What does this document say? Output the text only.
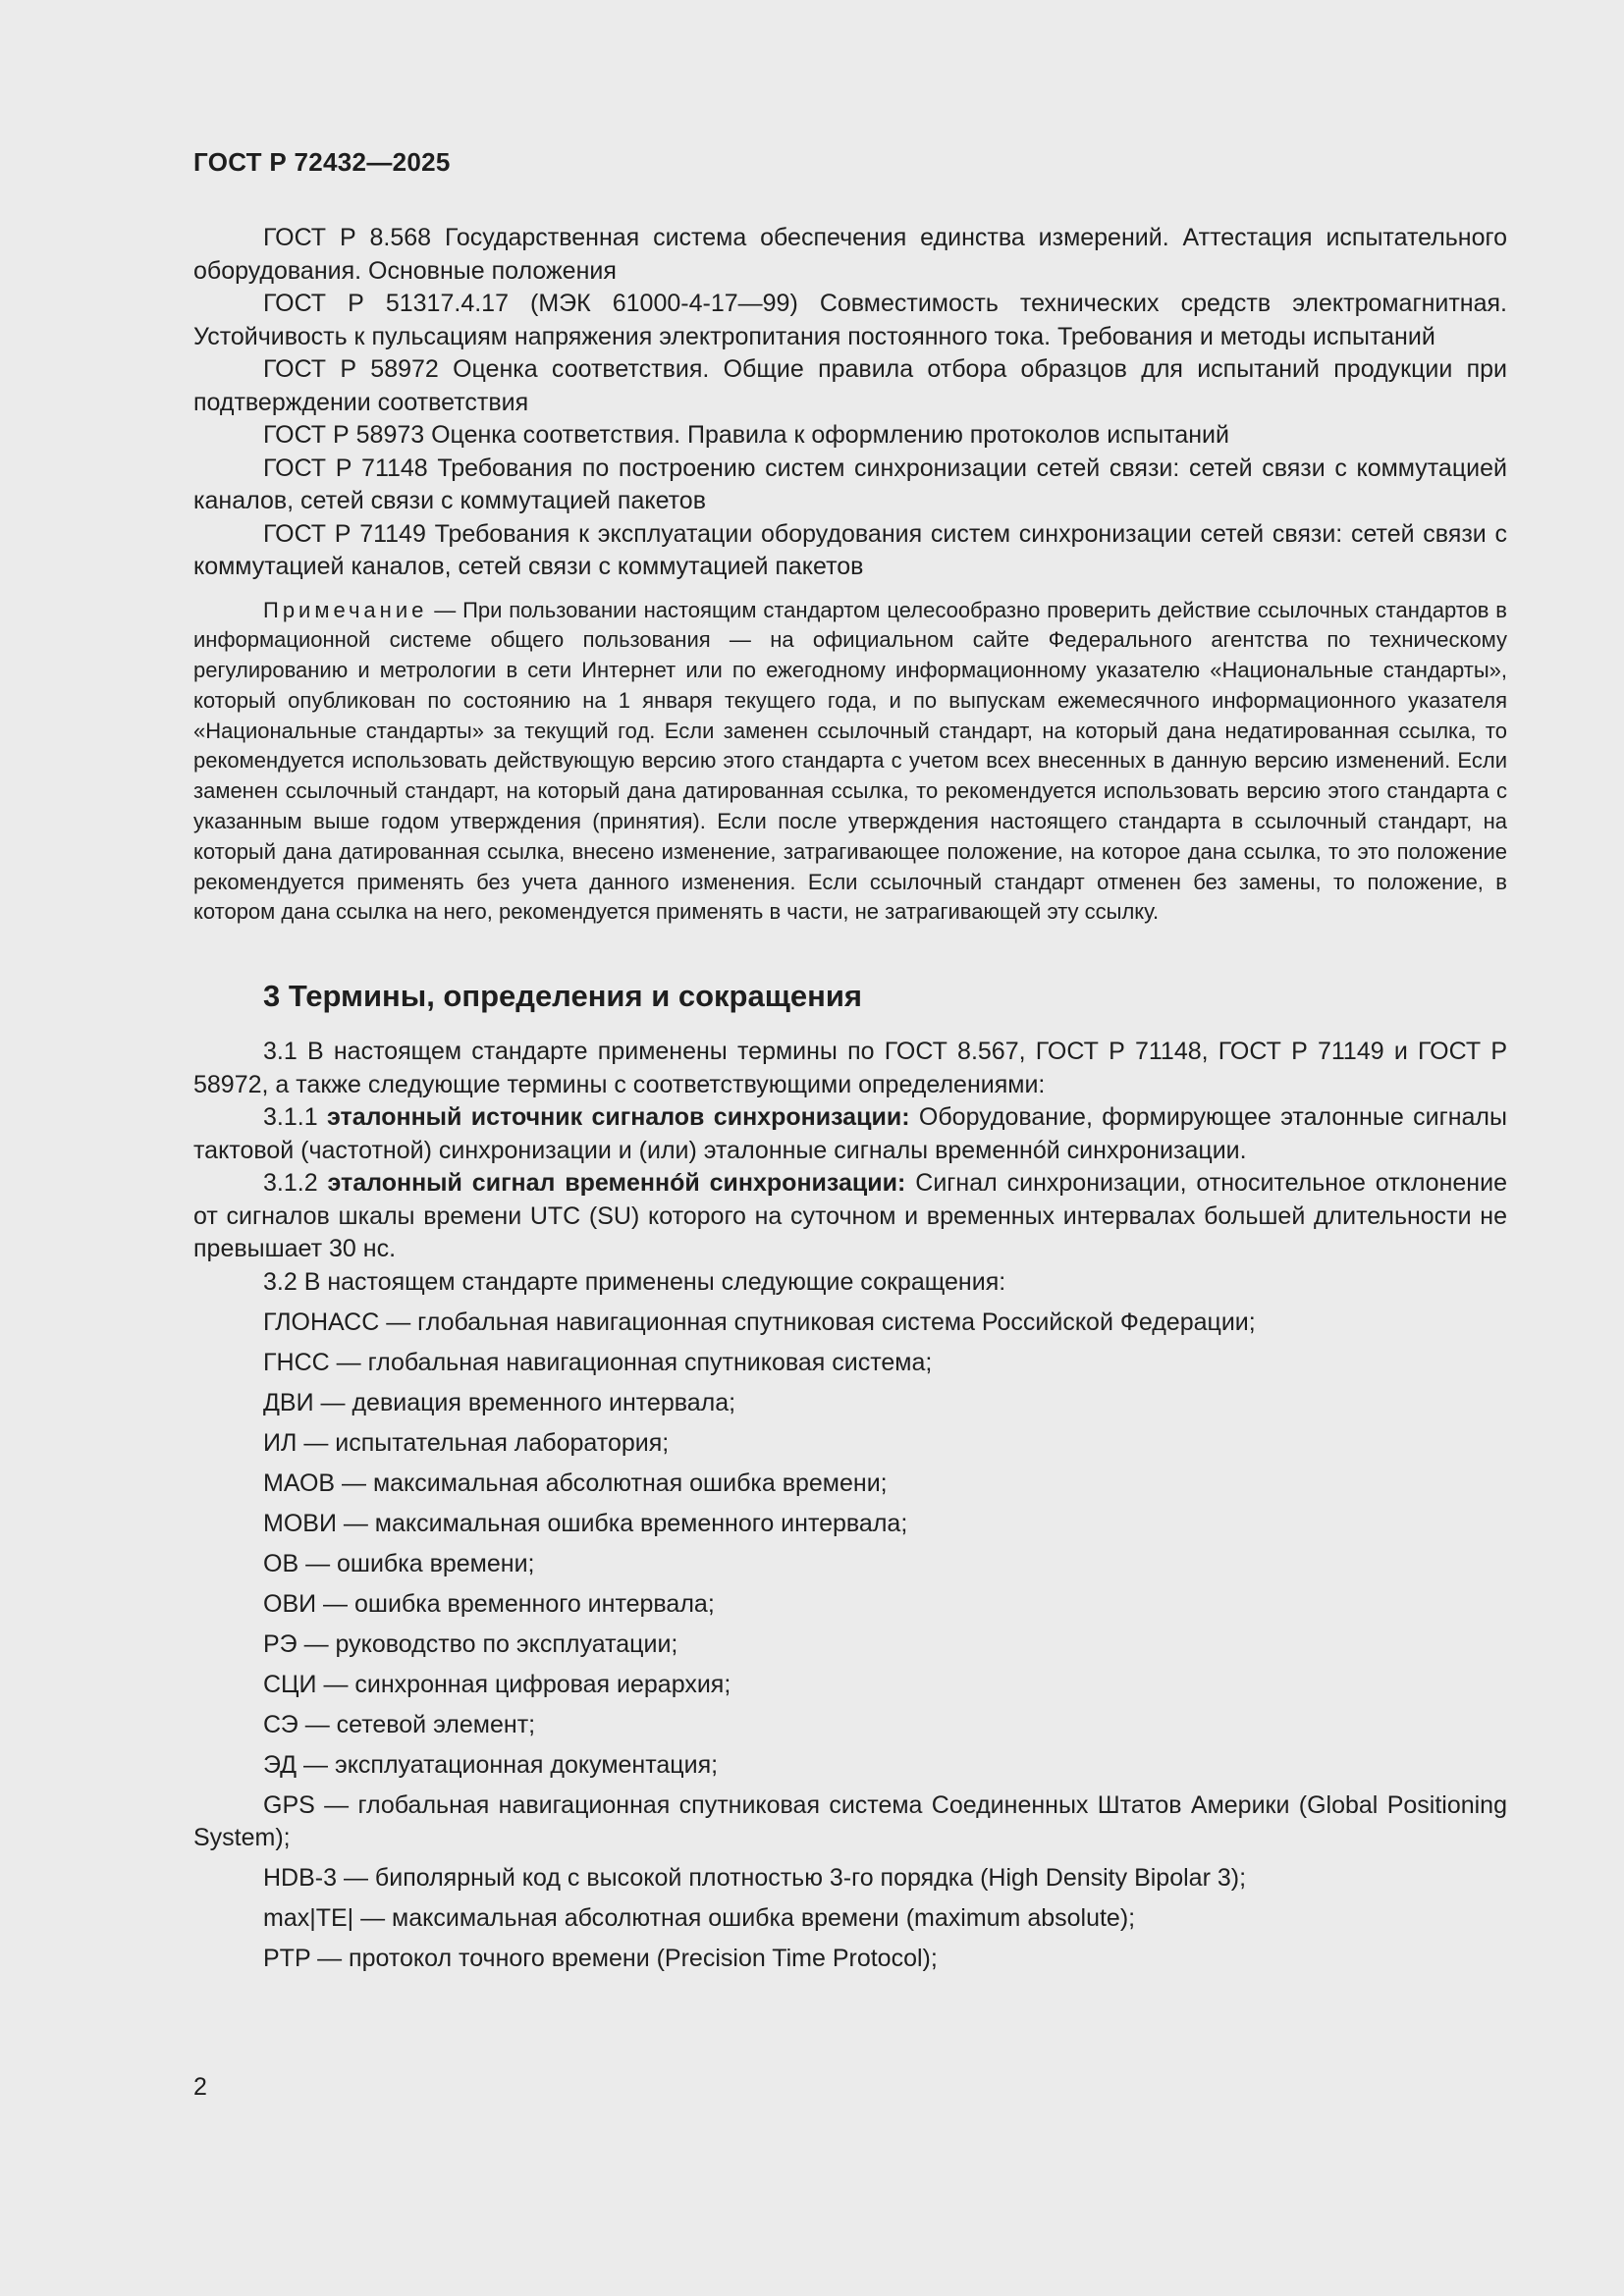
ГОСТ Р 72432—2025

ГОСТ Р 8.568 Государственная система обеспечения единства измерений. Аттестация испытательного оборудования. Основные положения

ГОСТ Р 51317.4.17 (МЭК 61000-4-17—99) Совместимость технических средств электромагнитная. Устойчивость к пульсациям напряжения электропитания постоянного тока. Требования и методы испытаний

ГОСТ Р 58972 Оценка соответствия. Общие правила отбора образцов для испытаний продукции при подтверждении соответствия

ГОСТ Р 58973 Оценка соответствия. Правила к оформлению протоколов испытаний

ГОСТ Р 71148 Требования по построению систем синхронизации сетей связи: сетей связи с коммутацией каналов, сетей связи с коммутацией пакетов

ГОСТ Р 71149 Требования к эксплуатации оборудования систем синхронизации сетей связи: сетей связи с коммутацией каналов, сетей связи с коммутацией пакетов

Примечание — При пользовании настоящим стандартом целесообразно проверить действие ссылочных стандартов в информационной системе общего пользования — на официальном сайте Федерального агентства по техническому регулированию и метрологии в сети Интернет или по ежегодному информационному указателю «Национальные стандарты», который опубликован по состоянию на 1 января текущего года, и по выпускам ежемесячного информационного указателя «Национальные стандарты» за текущий год. Если заменен ссылочный стандарт, на который дана недатированная ссылка, то рекомендуется использовать действующую версию этого стандарта с учетом всех внесенных в данную версию изменений. Если заменен ссылочный стандарт, на который дана датированная ссылка, то рекомендуется использовать версию этого стандарта с указанным выше годом утверждения (принятия). Если после утверждения настоящего стандарта в ссылочный стандарт, на который дана датированная ссылка, внесено изменение, затрагивающее положение, на которое дана ссылка, то это положение рекомендуется применять без учета данного изменения. Если ссылочный стандарт отменен без замены, то положение, в котором дана ссылка на него, рекомендуется применять в части, не затрагивающей эту ссылку.

3 Термины, определения и сокращения

3.1 В настоящем стандарте применены термины по ГОСТ 8.567, ГОСТ Р 71148, ГОСТ Р 71149 и ГОСТ Р 58972, а также следующие термины с соответствующими определениями:

3.1.1 эталонный источник сигналов синхронизации: Оборудование, формирующее эталонные сигналы тактовой (частотной) синхронизации и (или) эталонные сигналы временнóй синхронизации.

3.1.2 эталонный сигнал временнóй синхронизации: Сигнал синхронизации, относительное отклонение от сигналов шкалы времени UTC (SU) которого на суточном и временных интервалах большей длительности не превышает 30 нс.

3.2 В настоящем стандарте применены следующие сокращения:

ГЛОНАСС — глобальная навигационная спутниковая система Российской Федерации;

ГНСС — глобальная навигационная спутниковая система;

ДВИ — девиация временного интервала;

ИЛ — испытательная лаборатория;

МАОВ — максимальная абсолютная ошибка времени;

МОВИ — максимальная ошибка временного интервала;

ОВ — ошибка времени;

ОВИ — ошибка временного интервала;

РЭ — руководство по эксплуатации;

СЦИ — синхронная цифровая иерархия;

СЭ — сетевой элемент;

ЭД — эксплуатационная документация;

GPS — глобальная навигационная спутниковая система Соединенных Штатов Америки (Global Positioning System);

HDB-3 — биполярный код с высокой плотностью 3-го порядка (High Density Bipolar 3);

max|TE| — максимальная абсолютная ошибка времени (maximum absolute);

PTP — протокол точного времени (Precision Time Protocol);

2
